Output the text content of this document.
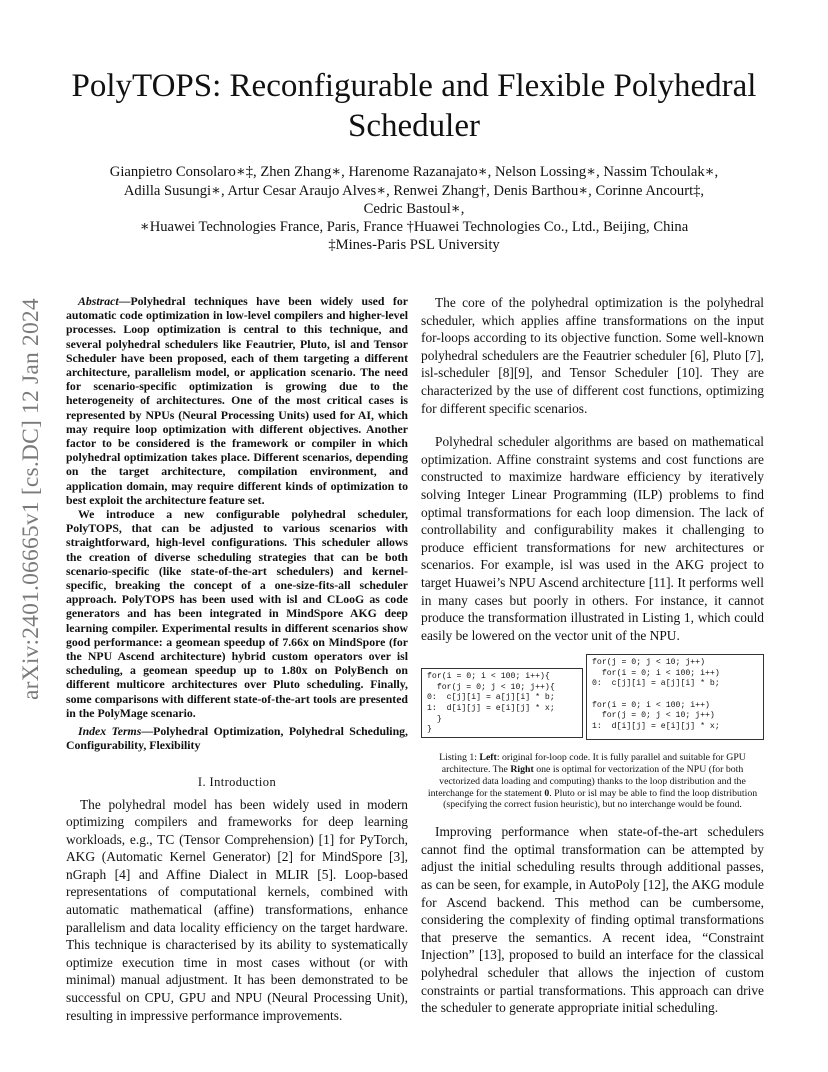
arXiv:2401.06665v1 [cs.DC] 12 Jan 2024
PolyTOPS: Reconfigurable and Flexible Polyhedral
Scheduler
Gianpietro Consolaro∗‡, Zhen Zhang∗, Harenome Razanajato∗, Nelson Lossing∗, Nassim Tchoulak∗,
Adilla Susungi∗, Artur Cesar Araujo Alves∗, Renwei Zhang†, Denis Barthou∗, Corinne Ancourt‡,
Cedric Bastoul∗,
∗Huawei Technologies France, Paris, France †Huawei Technologies Co., Ltd., Beijing, China
‡Mines-Paris PSL University

Abstract—Polyhedral techniques have been widely used for automatic code optimization in low-level compilers and higher-level processes. Loop optimization is central to this technique, and several polyhedral schedulers like Feautrier, Pluto, isl and Tensor Scheduler have been proposed, each of them targeting a different architecture, parallelism model, or application scenario. The need for scenario-specific optimization is growing due to the heterogeneity of architectures. One of the most critical cases is represented by NPUs (Neural Processing Units) used for AI, which may require loop optimization with different objectives. Another factor to be considered is the framework or compiler in which polyhedral optimization takes place. Different scenarios, depending on the target architecture, compilation environment, and application domain, may require different kinds of optimization to best exploit the architecture feature set.

We introduce a new configurable polyhedral scheduler, PolyTOPS, that can be adjusted to various scenarios with straightforward, high-level configurations. This scheduler allows the creation of diverse scheduling strategies that can be both scenario-specific (like state-of-the-art schedulers) and kernel-specific, breaking the concept of a one-size-fits-all scheduler approach. PolyTOPS has been used with isl and CLooG as code generators and has been integrated in MindSpore AKG deep learning compiler. Experimental results in different scenarios show good performance: a geomean speedup of 7.66x on MindSpore (for the NPU Ascend architecture) hybrid custom operators over isl scheduling, a geomean speedup up to 1.80x on PolyBench on different multicore architectures over Pluto scheduling. Finally, some comparisons with different state-of-the-art tools are presented in the PolyMage scenario.

Index Terms—Polyhedral Optimization, Polyhedral Scheduling, Configurability, Flexibility

I. Introduction

The polyhedral model has been widely used in modern optimizing compilers and frameworks for deep learning workloads, e.g., TC (Tensor Comprehension) [1] for PyTorch, AKG (Automatic Kernel Generator) [2] for MindSpore [3], nGraph [4] and Affine Dialect in MLIR [5]. Loop-based representations of computational kernels, combined with automatic mathematical (affine) transformations, enhance parallelism and data locality efficiency on the target hardware. This technique is characterised by its ability to systematically optimize execution time in most cases without (or with minimal) manual adjustment. It has been demonstrated to be successful on CPU, GPU and NPU (Neural Processing Unit), resulting in impressive performance improvements.

The core of the polyhedral optimization is the polyhedral scheduler, which applies affine transformations on the input for-loops according to its objective function. Some well-known polyhedral schedulers are the Feautrier scheduler [6], Pluto [7], isl-scheduler [8][9], and Tensor Scheduler [10]. They are characterized by the use of different cost functions, optimizing for different specific scenarios.

Polyhedral scheduler algorithms are based on mathematical optimization. Affine constraint systems and cost functions are constructed to maximize hardware efficiency by iteratively solving Integer Linear Programming (ILP) problems to find optimal transformations for each loop dimension. The lack of controllability and configurability makes it challenging to produce efficient transformations for new architectures or scenarios. For example, isl was used in the AKG project to target Huawei’s NPU Ascend architecture [11]. It performs well in many cases but poorly in others. For instance, it cannot produce the transformation illustrated in Listing 1, which could easily be lowered on the vector unit of the NPU.

for(i = 0; i < 100; i++){
for(j = 0; j < 10; j++){
0:  c[j][i] = a[j][i] * b;
1:  d[i][j] = e[i][j] * x;
}
}
for(j = 0; j < 10; j++)
for(i = 0; i < 100; i++)
0:  c[j][i] = a[j][i] * b;

for(i = 0; i < 100; i++)
for(j = 0; j < 10; j++)
1:  d[i][j] = e[i][j] * x;
Listing 1: Left: original for-loop code. It is fully parallel and suitable for GPU architecture. The Right one is optimal for vectorization of the NPU (for both vectorized data loading and computing) thanks to the loop distribution and the interchange for the statement 0. Pluto or isl may be able to find the loop distribution (specifying the correct fusion heuristic), but no interchange would be found.

Improving performance when state-of-the-art schedulers cannot find the optimal transformation can be attempted by adjust the initial scheduling results through additional passes, as can be seen, for example, in AutoPoly [12], the AKG module for Ascend backend. This method can be cumbersome, considering the complexity of finding optimal transformations that preserve the semantics. A recent idea, “Constraint Injection” [13], proposed to build an interface for the classical polyhedral scheduler that allows the injection of custom constraints or partial transformations. This approach can drive the scheduler to generate appropriate initial scheduling.
